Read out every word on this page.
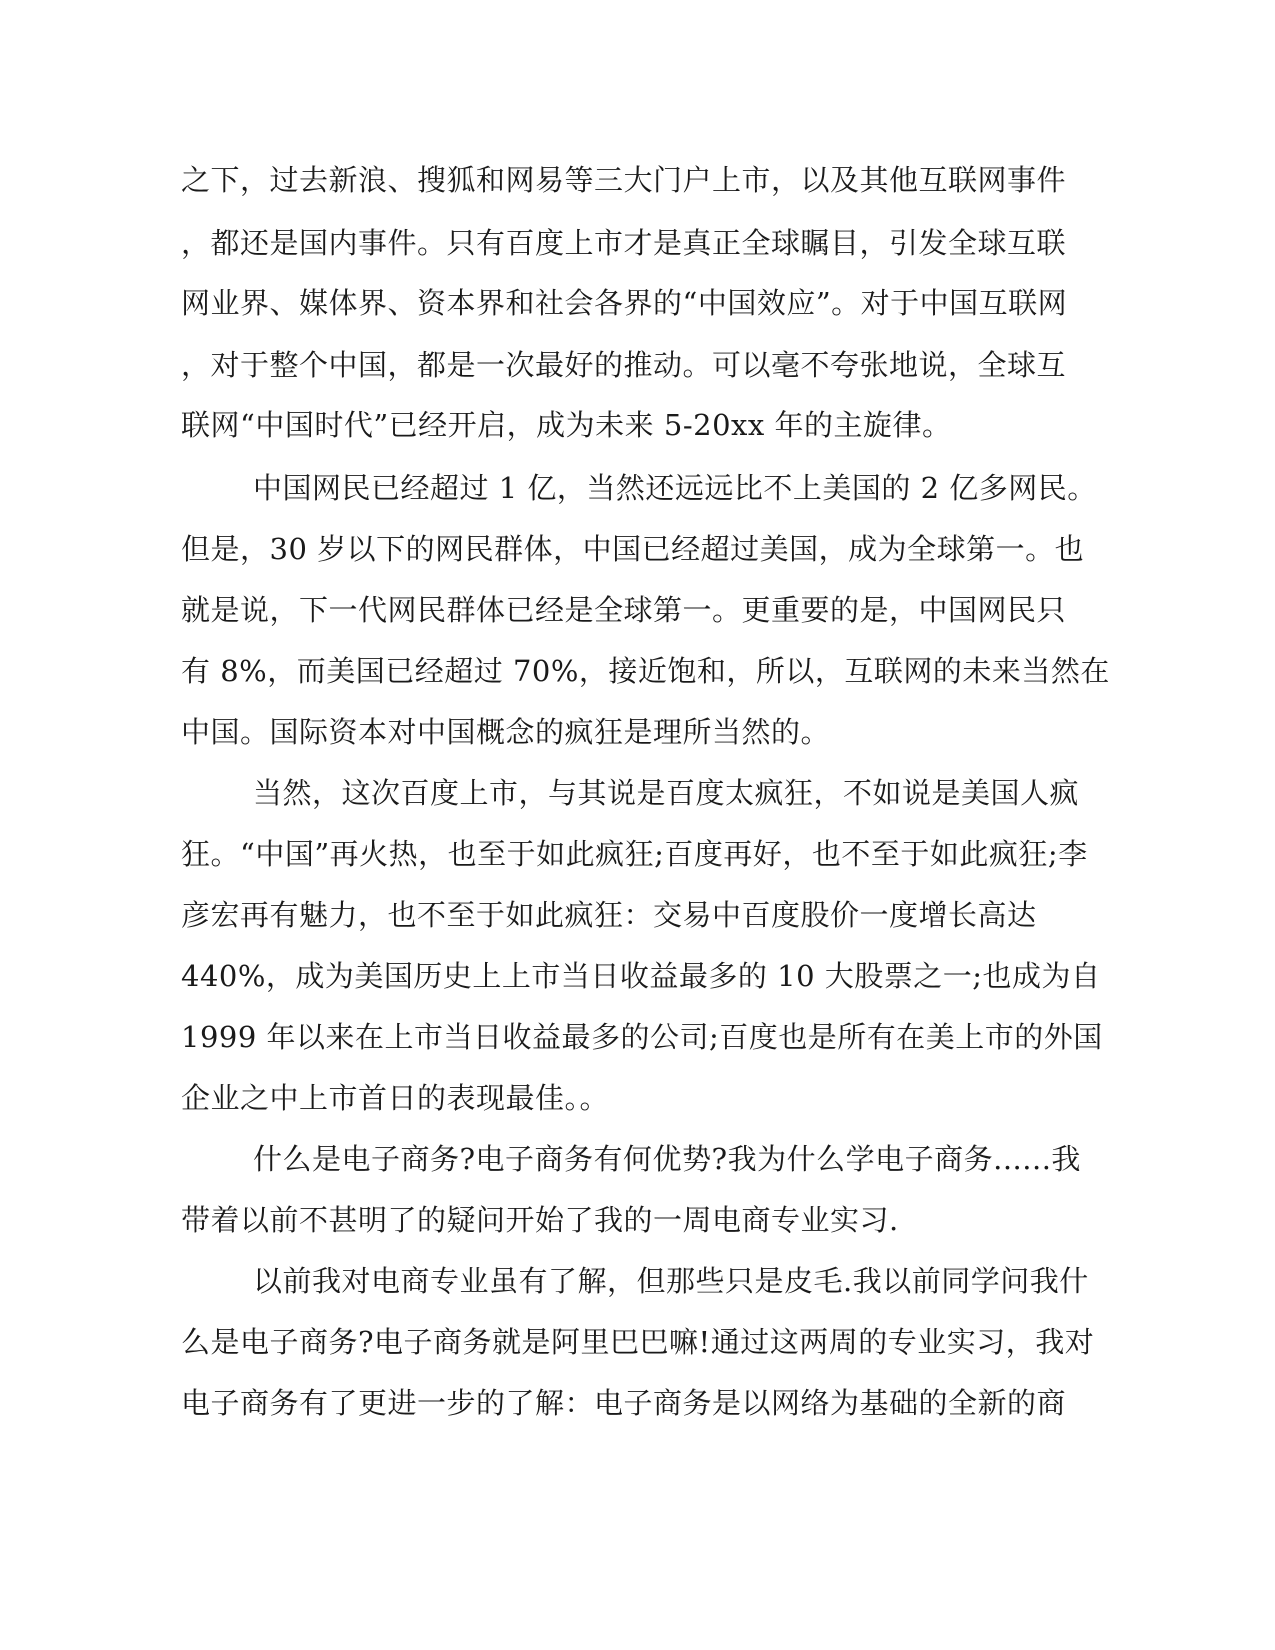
之下，过去新浪、搜狐和网易等三大门户上市，以及其他互联网事件
，都还是国内事件。只有百度上市才是真正全球瞩目，引发全球互联
网业界、媒体界、资本界和社会各界的“中国效应”。对于中国互联网
，对于整个中国，都是一次最好的推动。可以毫不夸张地说，全球互
联网“中国时代”已经开启，成为未来 5-20xx 年的主旋律。
中国网民已经超过 1 亿，当然还远远比不上美国的 2 亿多网民。
但是，30 岁以下的网民群体，中国已经超过美国，成为全球第一。也
就是说，下一代网民群体已经是全球第一。更重要的是，中国网民只
有 8%，而美国已经超过 70%，接近饱和，所以，互联网的未来当然在
中国。国际资本对中国概念的疯狂是理所当然的。
当然，这次百度上市，与其说是百度太疯狂，不如说是美国人疯
狂。“中国”再火热，也至于如此疯狂;百度再好，也不至于如此疯狂;李
彦宏再有魅力，也不至于如此疯狂：交易中百度股价一度增长高达
440%，成为美国历史上上市当日收益最多的 10 大股票之一;也成为自
1999 年以来在上市当日收益最多的公司;百度也是所有在美上市的外国
企业之中上市首日的表现最佳。。
什么是电子商务?电子商务有何优势?我为什么学电子商务......我
带着以前不甚明了的疑问开始了我的一周电商专业实习.
以前我对电商专业虽有了解，但那些只是皮毛.我以前同学问我什
么是电子商务?电子商务就是阿里巴巴嘛!通过这两周的专业实习，我对
电子商务有了更进一步的了解：电子商务是以网络为基础的全新的商
